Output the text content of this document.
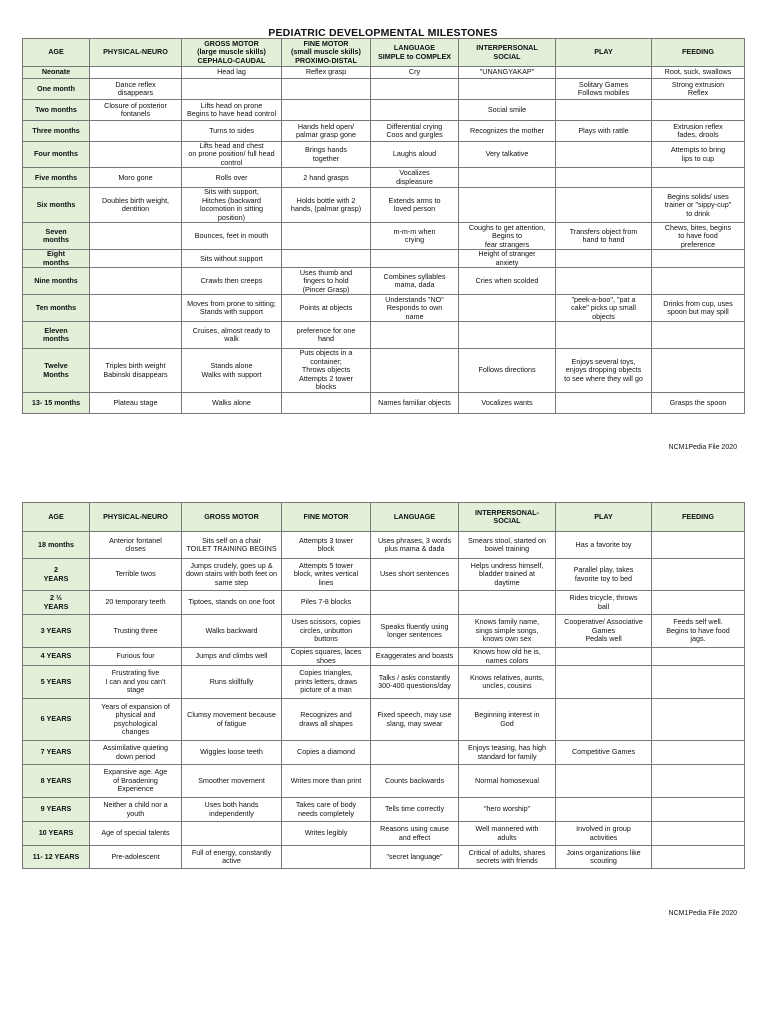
PEDIATRIC DEVELOPMENTAL MILESTONES
AGE	PHYSICAL-NEURO	GROSS MOTOR
(large muscle skills)
CEPHALO-CAUDAL	FINE MOTOR
(small muscle skills)
PROXIMO-DISTAL	LANGUAGE
SIMPLE to COMPLEX	INTERPERSONAL
SOCIAL	PLAY	FEEDING
Neonate		Head lag	Reflex grasp	Cry	"UNANGYAKAP"		Root, suck, swallows
One month	Dance reflex
disappears					Solitary Games
Follows mobiles	Strong extrusion
Reflex
Two months	Closure of posterior
fontanels	Lifts head on prone
Begins to have head control			Social smile		
Three months		Turns to sides	Hands held open/
palmar grasp gone	Differential crying
Coos and gurgles	Recognizes the mother	Plays with rattle	Extrusion reflex
fades, drools
Four months		Lifts head and chest
on prone position/ full head
control	Brings hands
together	Laughs aloud	Very talkative		Attempts to bring
lips to cup
Five months	Moro gone	Rolls over	2 hand grasps	Vocalizes
displeasure			
Six months	Doubles birth weight,
dentition	Sits with support,
Hitches (backward
locomotion in sitting
position)	Holds bottle with 2
hands, (palmar grasp)	Extends arms to
loved person			Begins solids/ uses
trainer or "sippy-cup"
to drink
Seven
months		Bounces, feet in mouth		m-m-m when
crying	Coughs to get attention,
Begins to
fear strangers	Transfers object from
hand to hand	Chews, bites, begins
to have food
preference
Eight
months		Sits without support			Height of stranger
anxiety		
Nine months		Crawls then creeps	Uses thumb and
fingers to hold
(Pincer Grasp)	Combines syllables
mama, dada	Cries when scolded		
Ten months		Moves from prone to sitting;
Stands with support	Points at objects	Understands "NO"
Responds to own
name		"peek-a-boo", "pat a
cake" picks up small
objects	Drinks from cup, uses
spoon but may spill
Eleven
months		Cruises, almost ready to
walk	preference for one
hand				
Twelve
Months	Triples birth weight
Babinski disappears	Stands alone
Walks with support	Puts objects in a
container;
Throws objects
Attempts 2 tower
blocks		Follows directions	Enjoys several toys,
enjoys dropping objects
to see where they will go	
13- 15 months	Plateau stage	Walks alone		Names familiar objects	Vocalizes wants		Grasps the spoon
NCM1Pedia File 2020
AGE	PHYSICAL-NEURO	GROSS MOTOR	FINE MOTOR	LANGUAGE	INTERPERSONAL-
SOCIAL	PLAY	FEEDING
18 months	Anterior fontanel
closes	Sits self on a chair
TOILET TRAINING BEGINS	Attempts 3 tower
block	Uses phrases, 3 words
plus mama & dada	Smears stool, started on
bowel training	Has a favorite toy	
2
YEARS	Terrible twos	Jumps crudely, goes up &
down stairs with both feet on
same step	Attempts 5 tower
block, writes vertical
lines	Uses short sentences	Helps undress himself,
bladder trained at
daytime	Parallel play, takes
favorite toy to bed	
2 ½
YEARS	20 temporary teeth	Tiptoes, stands on one foot	Piles 7-8 blocks			Rides tricycle, throws
ball	
3 YEARS	Trusting three	Walks backward	Uses scissors, copies
circles, unbutton
buttons	Speaks fluently using
longer sentences	Knows family name,
sings simple songs,
knows own sex	Cooperative/ Associative
Games
Pedals well	Feeds self well.
Begins to have food
jags.
4 YEARS	Furious four	Jumps and climbs well	Copies squares, laces
shoes	Exaggerates and boasts	Knows how old he is,
names colors		
5 YEARS	Frustrating five
I can and you can't
stage	Runs skillfully	Copies triangles,
prints letters, draws
picture of a man	Talks / asks constantly
300-400 questions/day	Knows relatives, aunts,
uncles, cousins		
6 YEARS	Years of expansion of
physical and
psychological
changes	Clumsy movement because
of fatigue	Recognizes and
draws all shapes	Fixed speech, may use
slang, may swear	Beginning interest in
God		
7 YEARS	Assimilative quieting
down period	Wiggles loose teeth	Copies a diamond		Enjoys teasing, has high
standard for family	Competitive Games	
8 YEARS	Expansive age. Age
of Broadening
Experience	Smoother movement	Writes more than print	Counts backwards	Normal homosexual		
9 YEARS	Neither a child nor a
youth	Uses both hands
independently	Takes care of body
needs completely	Tells time correctly	"hero worship"		
10 YEARS	Age of special talents		Writes legibly	Reasons using cause
and effect	Well mannered with
adults	Involved in group
activities	
11- 12 YEARS	Pre-adolescent	Full of energy, constantly
active		"secret language"	Critical of adults, shares
secrets with friends	Joins organizations like
scouting	
NCM1Pedia File 2020
